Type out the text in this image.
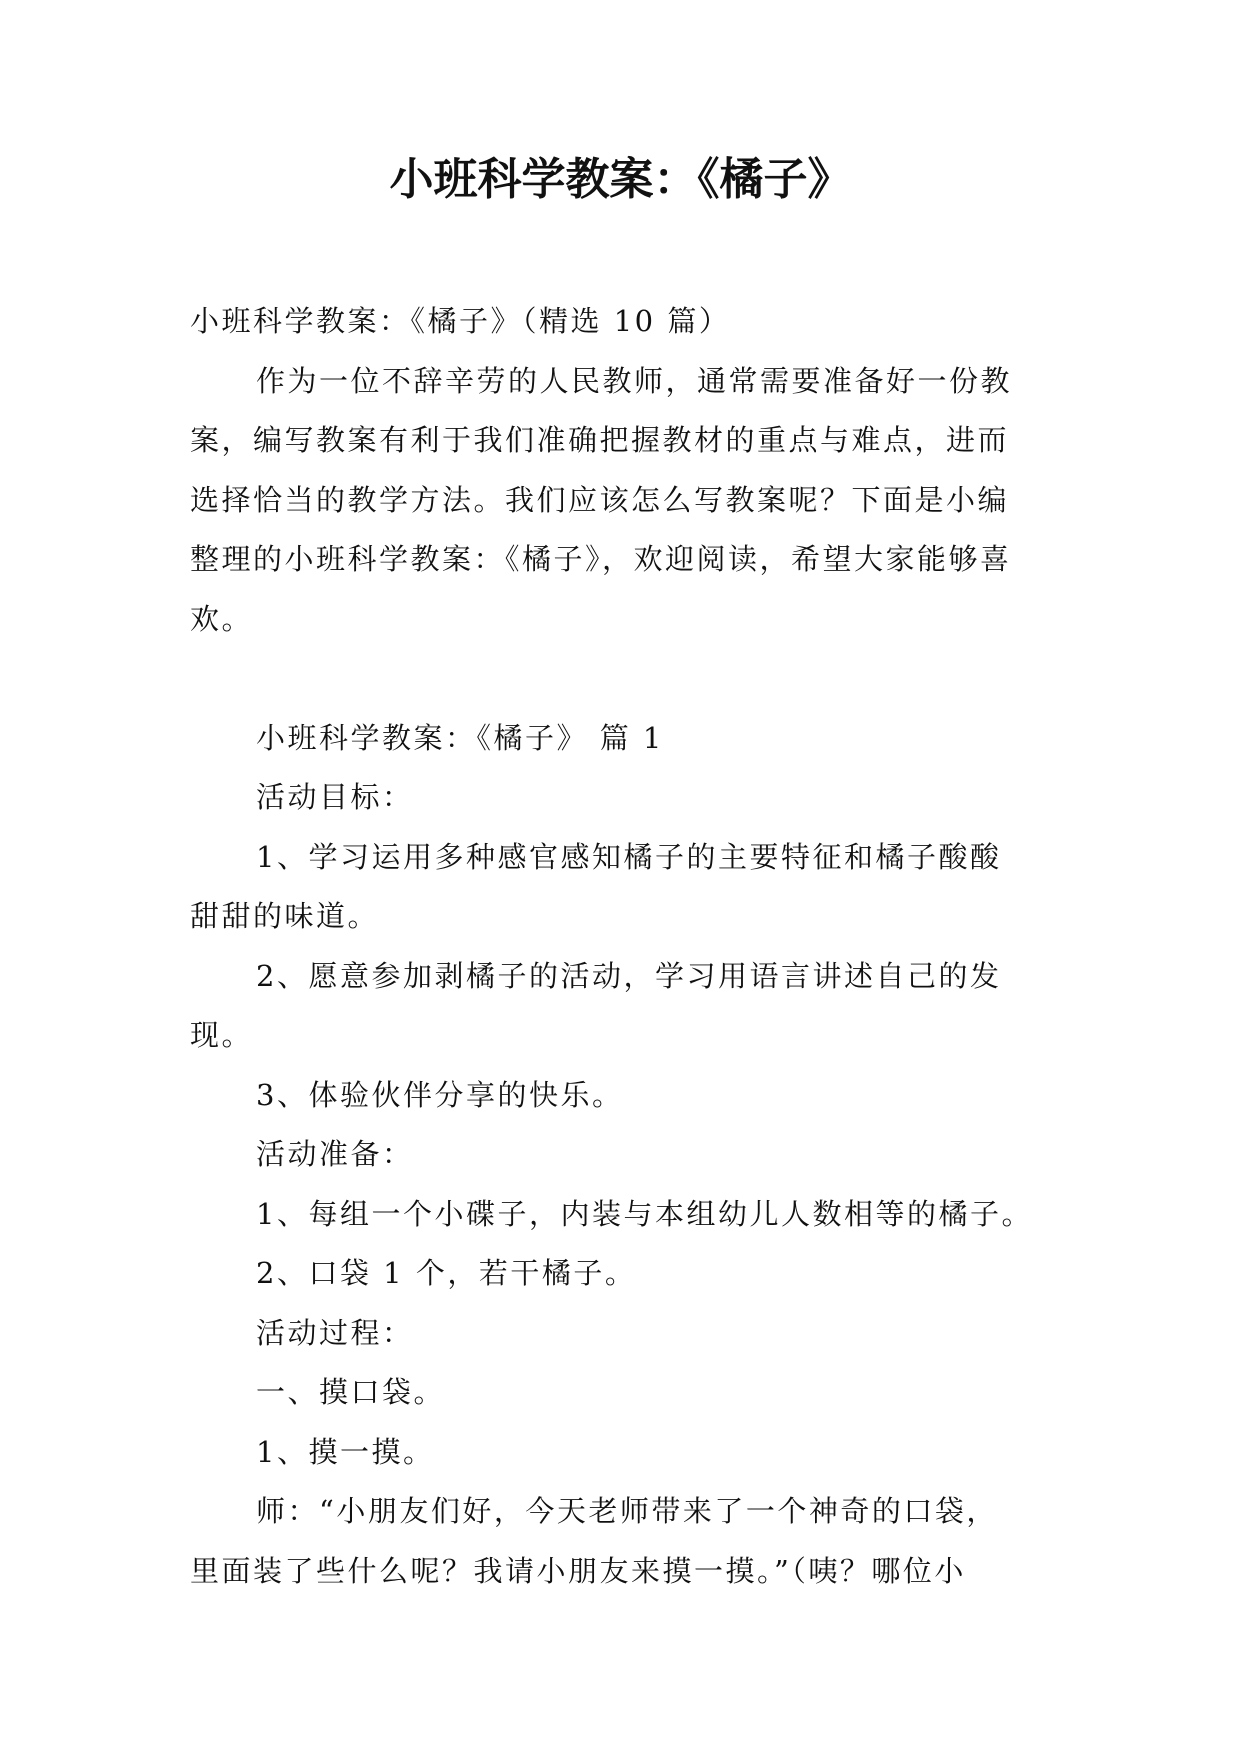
小班科学教案：《橘子》
小班科学教案：《橘子》（精选 10 篇）
作为一位不辞辛劳的人民教师，通常需要准备好一份教
案，编写教案有利于我们准确把握教材的重点与难点，进而
选择恰当的教学方法。我们应该怎么写教案呢？下面是小编
整理的小班科学教案：《橘子》，欢迎阅读，希望大家能够喜
欢。
小班科学教案：《橘子》 篇 1
活动目标：
1、学习运用多种感官感知橘子的主要特征和橘子酸酸
甜甜的味道。
2、愿意参加剥橘子的活动，学习用语言讲述自己的发
现。
3、体验伙伴分享的快乐。
活动准备：
1、每组一个小碟子，内装与本组幼儿人数相等的橘子。
2、口袋 1 个，若干橘子。
活动过程：
一、摸口袋。
1、摸一摸。
师：“小朋友们好，今天老师带来了一个神奇的口袋，
里面装了些什么呢？我请小朋友来摸一摸。”（咦？哪位小
